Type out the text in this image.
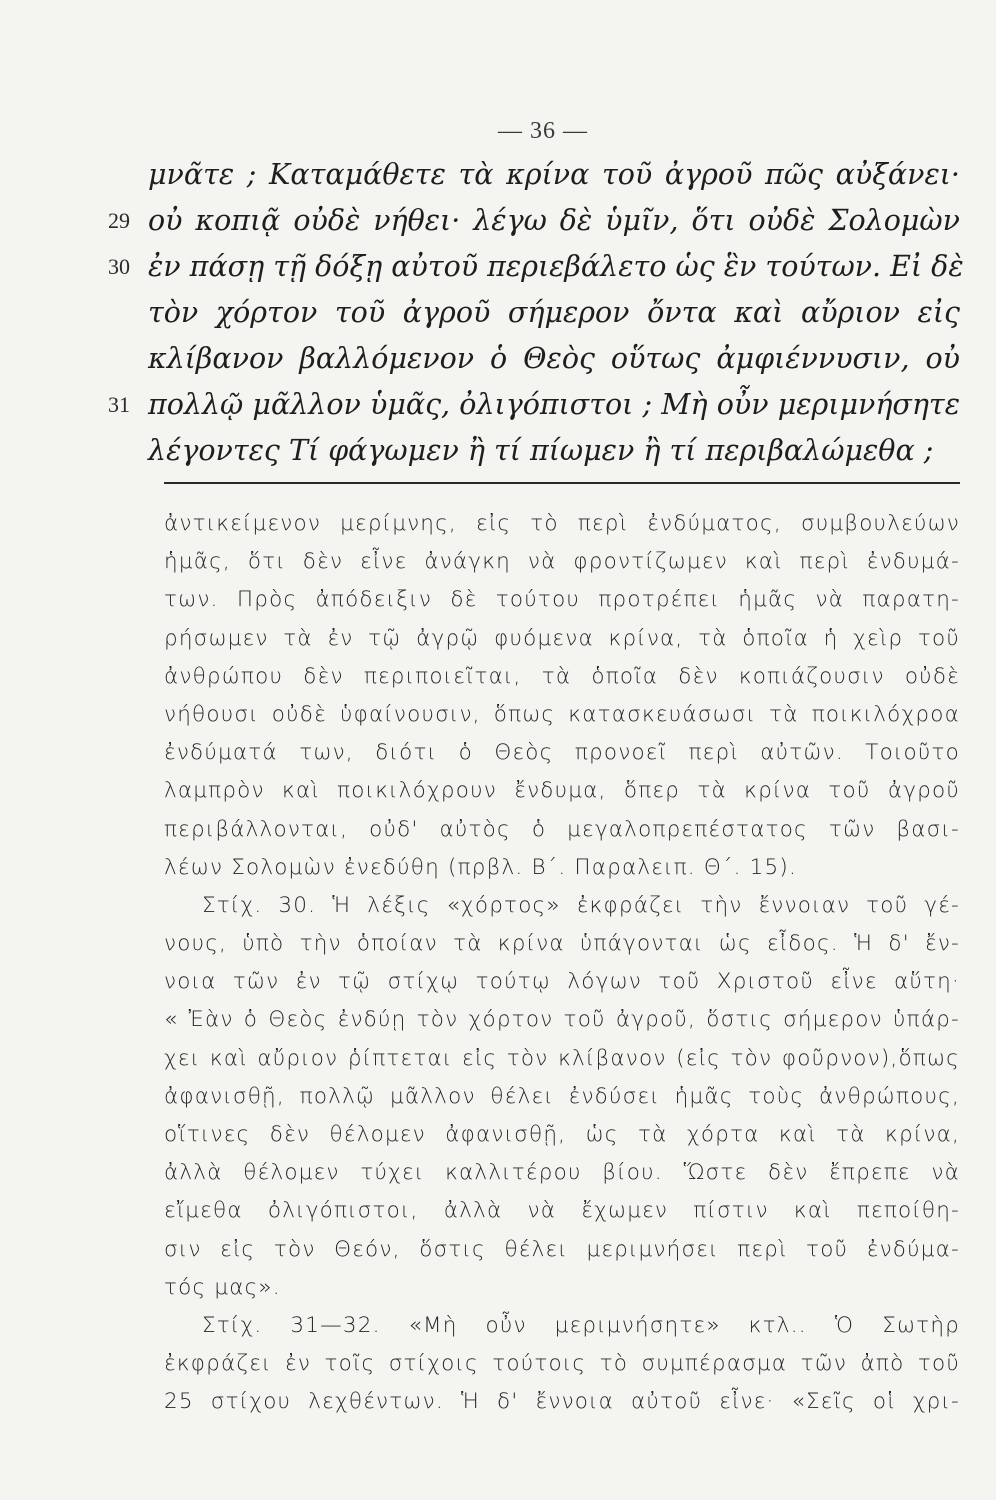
— 36 —
μνᾶτε ; Καταμάθετε τὰ κρίνα τοῦ ἀγροῦ πῶς αὐξάνει·
29 οὐ κοπιᾷ οὐδὲ νήθει· λέγω δὲ ὑμῖν, ὅτι οὐδὲ Σολομὼν
30 ἐν πάσῃ τῇ δόξῃ αὐτοῦ περιεβάλετο ὡς ἓν τούτων. Εἰ δὲ
τὸν χόρτον τοῦ ἀγροῦ σήμερον ὄντα καὶ αὔριον εἰς
κλίβανον βαλλόμενον ὁ Θεὸς οὕτως ἀμφιέννυσιν, οὐ
31 πολλῷ μᾶλλον ὑμᾶς, ὀλιγόπιστοι ; Μὴ οὖν μεριμνήσητε
λέγοντες Τί φάγωμεν ἢ τί πίωμεν ἢ τί περιβαλώμεθα ;
ἀντικείμενον μερίμνης, εἰς τὸ περὶ ἐνδύματος, συμβουλεύων
ἡμᾶς, ὅτι δὲν εἶνε ἀνάγκη νὰ φροντίζωμεν καὶ περὶ ἐνδυμά-
των. Πρὸς ἀπόδειξιν δὲ τούτου προτρέπει ἡμᾶς νὰ παρατη-
ρήσωμεν τὰ ἐν τῷ ἀγρῷ φυόμενα κρίνα, τὰ ὁποῖα ἡ χεὶρ τοῦ
ἀνθρώπου δὲν περιποιεῖται, τὰ ὁποῖα δὲν κοπιάζουσιν οὐδὲ
νήθουσι οὐδὲ ὑφαίνουσιν, ὅπως κατασκευάσωσι τὰ ποικιλόχροα
ἐνδύματά των, διότι ὁ Θεὸς προνοεῖ περὶ αὐτῶν. Τοιοῦτο
λαμπρὸν καὶ ποικιλόχρουν ἔνδυμα, ὅπερ τὰ κρίνα τοῦ ἀγροῦ
περιβάλλονται, οὐδ' αὐτὸς ὁ μεγαλοπρεπέστατος τῶν βασι-
λέων Σολομὼν ἐνεδύθη (πρβλ. Β΄. Παραλειπ. Θ΄. 15).
Στίχ. 30. Ἡ λέξις «χόρτος» ἐκφράζει τὴν ἔννοιαν τοῦ γέ-
νους, ὑπὸ τὴν ὁποίαν τὰ κρίνα ὑπάγονται ὡς εἶδος. Ἡ δ' ἔν-
νοια τῶν ἐν τῷ στίχῳ τούτῳ λόγων τοῦ Χριστοῦ εἶνε αὕτη·
« Ἐὰν ὁ Θεὸς ἐνδύῃ τὸν χόρτον τοῦ ἀγροῦ, ὅστις σήμερον ὑπάρ-
χει καὶ αὔριον ῥίπτεται εἰς τὸν κλίβανον (εἰς τὸν φοῦρνον),ὅπως
ἀφανισθῇ, πολλῷ μᾶλλον θέλει ἐνδύσει ἡμᾶς τοὺς ἀνθρώπους,
οἵτινες δὲν θέλομεν ἀφανισθῇ, ὡς τὰ χόρτα καὶ τὰ κρίνα,
ἀλλὰ θέλομεν τύχει καλλιτέρου βίου. Ὥστε δὲν ἔπρεπε νὰ
εἴμεθα ὀλιγόπιστοι, ἀλλὰ νὰ ἔχωμεν πίστιν καὶ πεποίθη-
σιν εἰς τὸν Θεόν, ὅστις θέλει μεριμνήσει περὶ τοῦ ἐνδύμα-
τός μας».
Στίχ. 31—32. «Μὴ οὖν μεριμνήσητε» κτλ.. Ὁ Σωτὴρ
ἐκφράζει ἐν τοῖς στίχοις τούτοις τὸ συμπέρασμα τῶν ἀπὸ τοῦ
25 στίχου λεχθέντων. Ἡ δ' ἔννοια αὐτοῦ εἶνε· «Σεῖς οἱ χρι-
